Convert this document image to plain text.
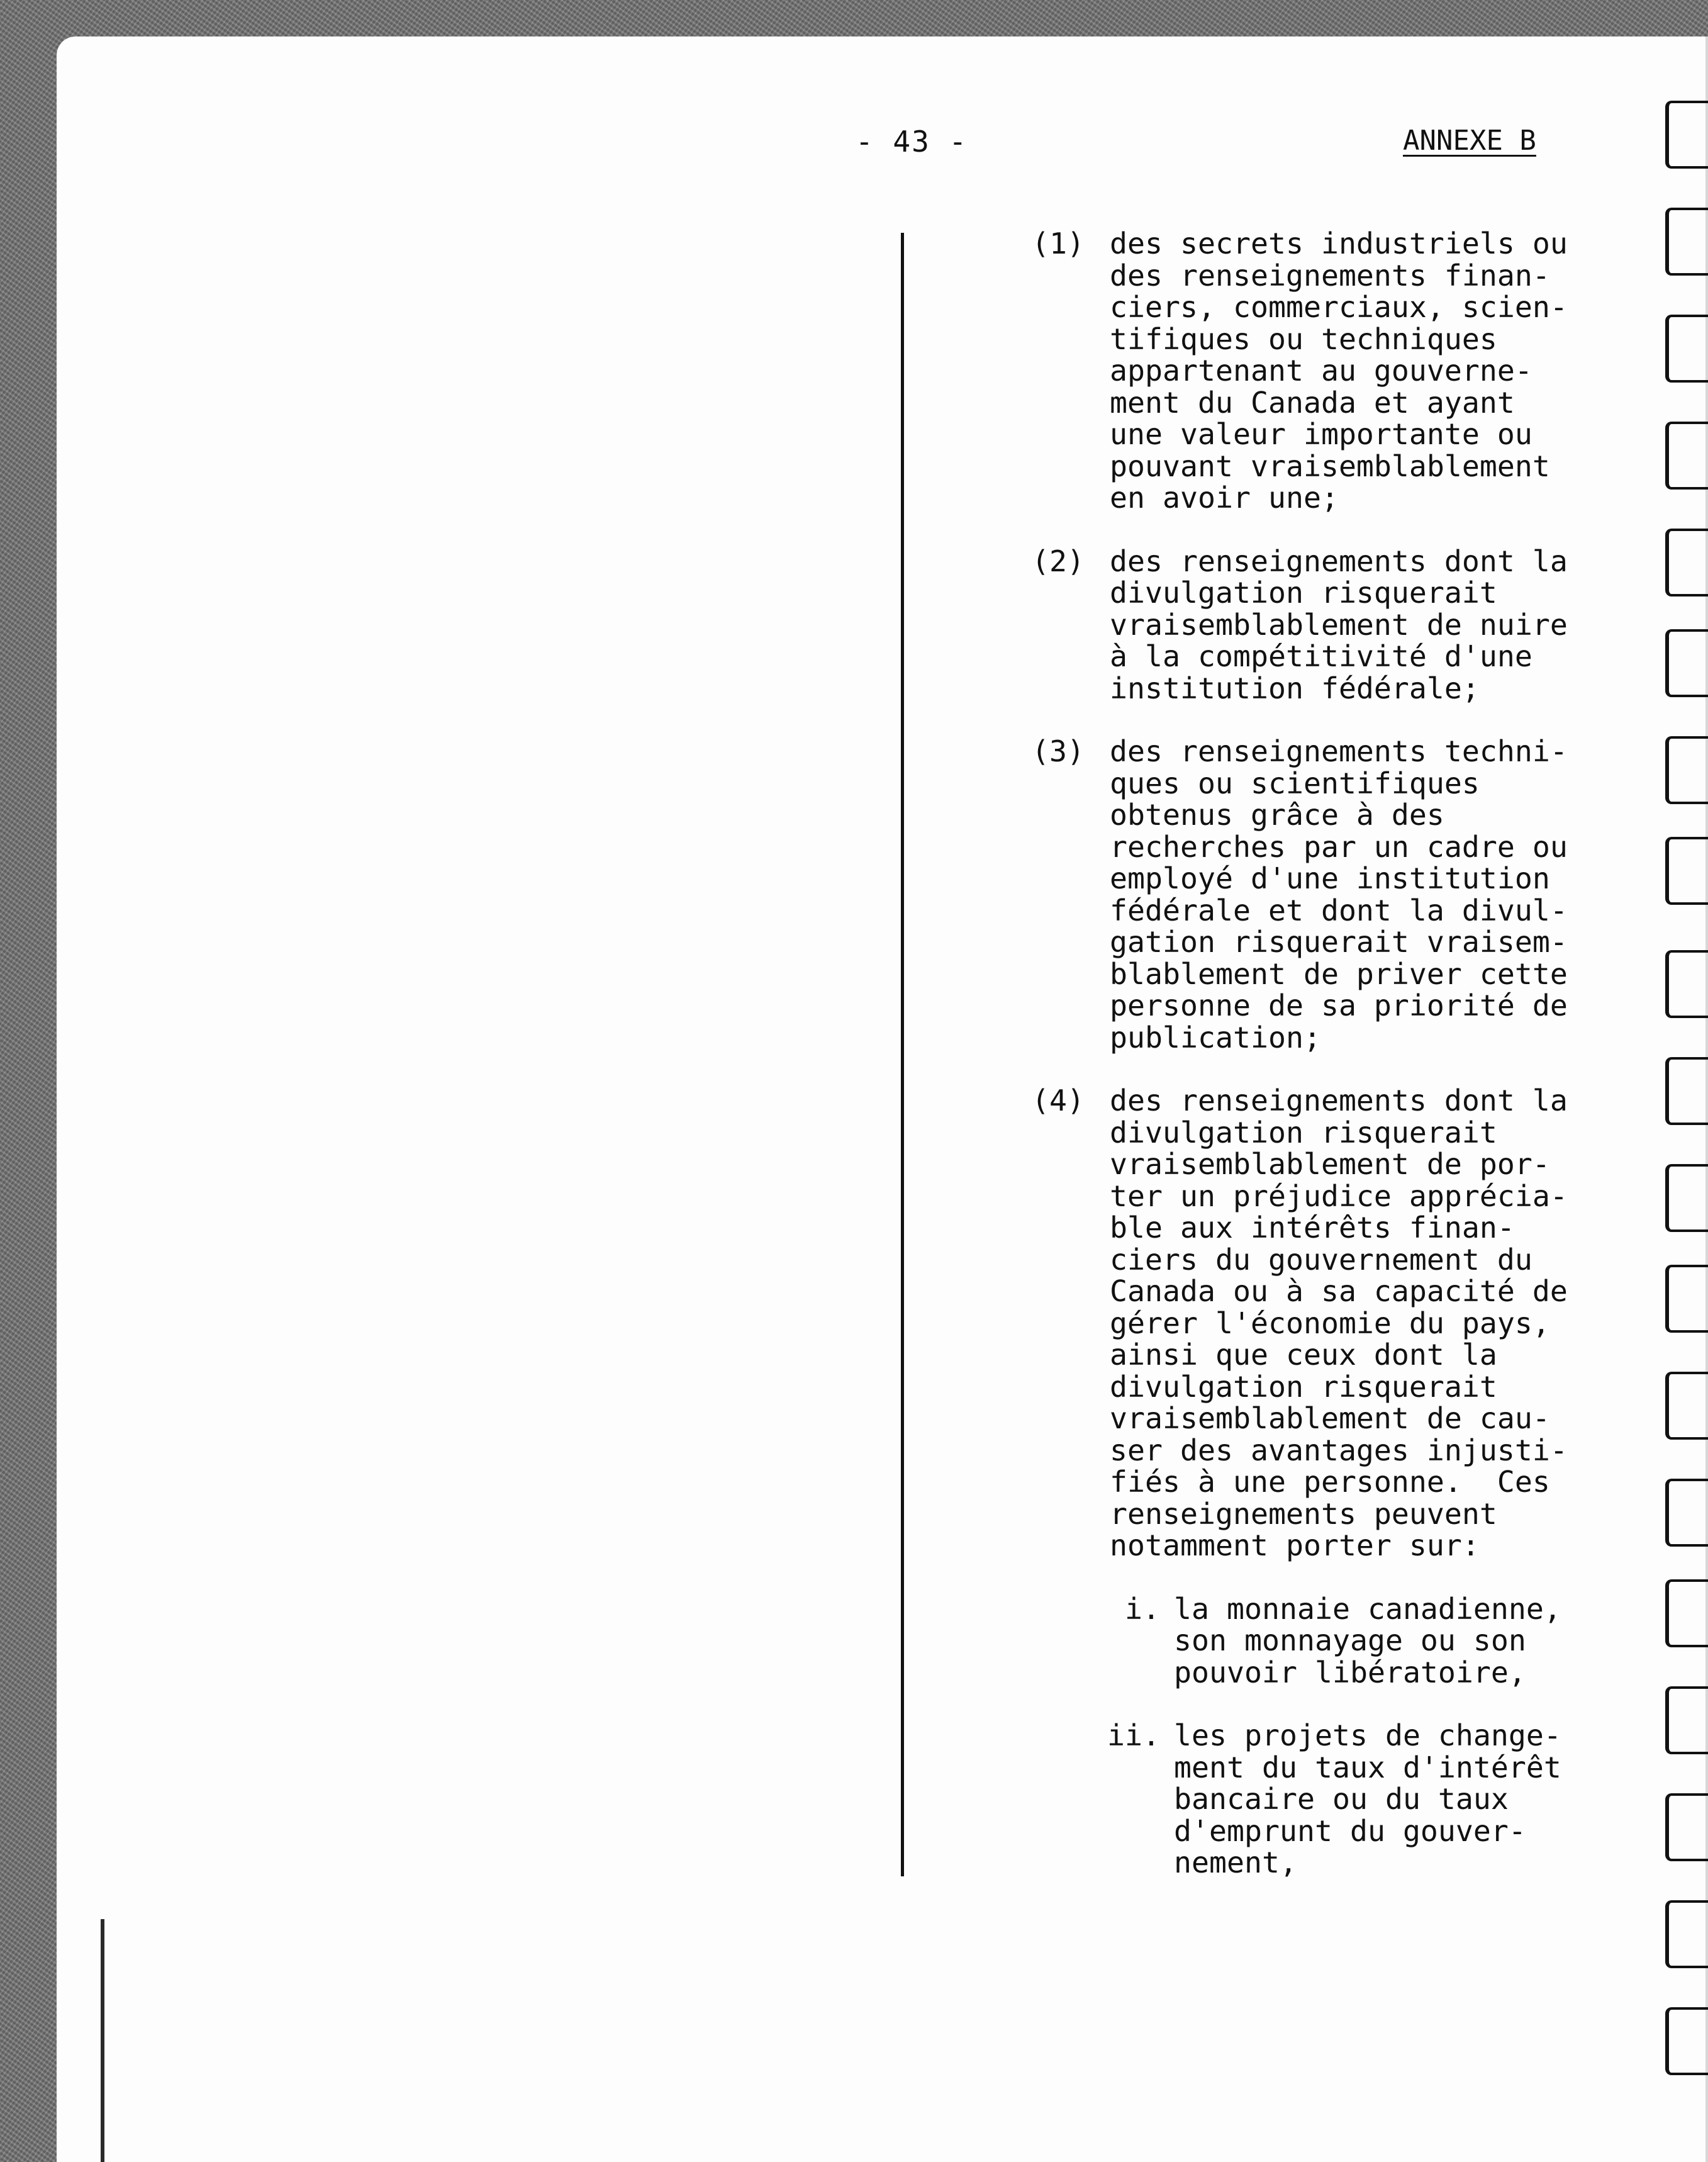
- 43 -	ANNEXE B
(1) des secrets industriels ou
des renseignements finan-
ciers, commerciaux, scien-
tifiques ou techniques
appartenant au gouverne-
ment du Canada et ayant
une valeur importante ou
pouvant vraisemblablement
en avoir une;
(2) des renseignements dont la
divulgation risquerait
vraisemblablement de nuire
à la compétitivité d'une
institution fédérale;
(3) des renseignements techni-
ques ou scientifiques
obtenus grâce à des
recherches par un cadre ou
employé d'une institution
fédérale et dont la divul-
gation risquerait vraisem-
blablement de priver cette
personne de sa priorité de
publication;
(4) des renseignements dont la
divulgation risquerait
vraisemblablement de por-
ter un préjudice apprécia-
ble aux intérêts finan-
ciers du gouvernement du
Canada ou à sa capacité de
gérer l'économie du pays,
ainsi que ceux dont la
divulgation risquerait
vraisemblablement de cau-
ser des avantages injusti-
fiés à une personne.  Ces
renseignements peuvent
notamment porter sur:
i. la monnaie canadienne,
son monnayage ou son
pouvoir libératoire,
ii. les projets de change-
ment du taux d'intérêt
bancaire ou du taux
d'emprunt du gouver-
nement,
